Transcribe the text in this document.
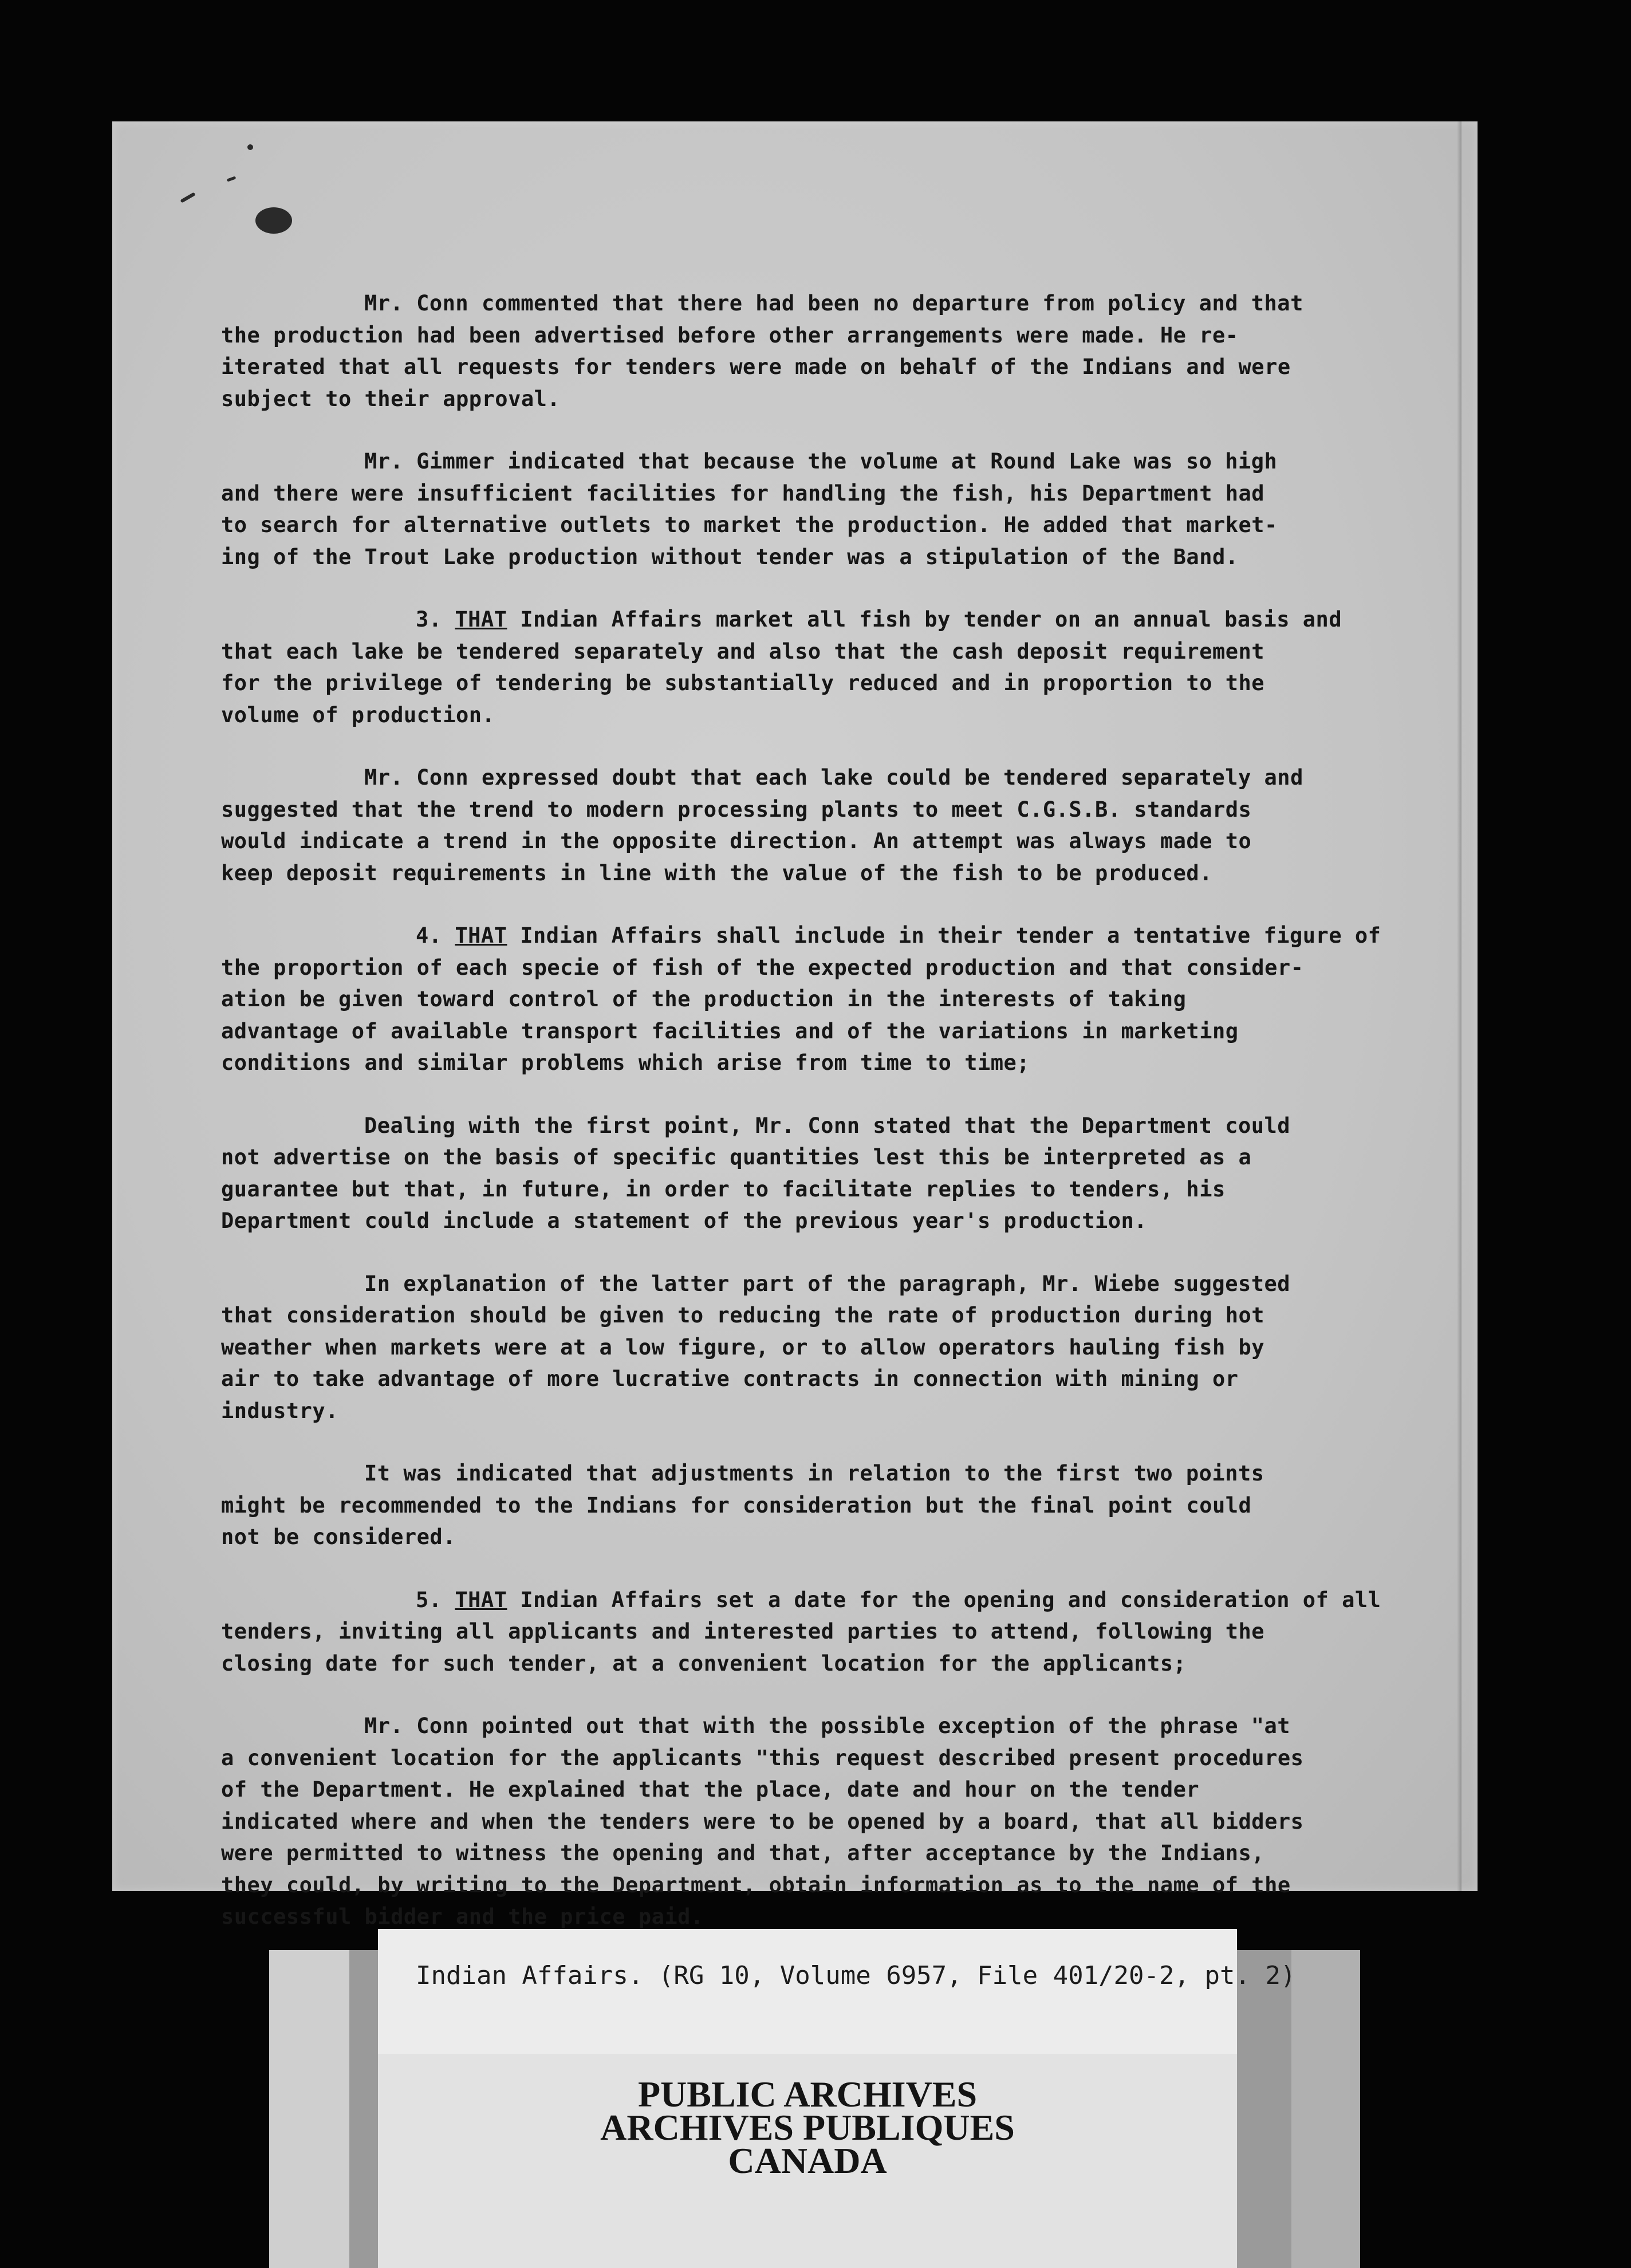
Mr. Conn commented that there had been no departure from policy and that
the production had been advertised before other arrangements were made. He re-
iterated that all requests for tenders were made on behalf of the Indians and were
subject to their approval.
Mr. Gimmer indicated that because the volume at Round Lake was so high
and there were insufficient facilities for handling the fish, his Department had
to search for alternative outlets to market the production. He added that market-
ing of the Trout Lake production without tender was a stipulation of the Band.
3. THAT Indian Affairs market all fish by tender on an annual basis and
that each lake be tendered separately and also that the cash deposit requirement
for the privilege of tendering be substantially reduced and in proportion to the
volume of production.
Mr. Conn expressed doubt that each lake could be tendered separately and
suggested that the trend to modern processing plants to meet C.G.S.B. standards
would indicate a trend in the opposite direction. An attempt was always made to
keep deposit requirements in line with the value of the fish to be produced.
4. THAT Indian Affairs shall include in their tender a tentative figure of
the proportion of each specie of fish of the expected production and that consider-
ation be given toward control of the production in the interests of taking
advantage of available transport facilities and of the variations in marketing
conditions and similar problems which arise from time to time;
Dealing with the first point, Mr. Conn stated that the Department could
not advertise on the basis of specific quantities lest this be interpreted as a
guarantee but that, in future, in order to facilitate replies to tenders, his
Department could include a statement of the previous year's production.
In explanation of the latter part of the paragraph, Mr. Wiebe suggested
that consideration should be given to reducing the rate of production during hot
weather when markets were at a low figure, or to allow operators hauling fish by
air to take advantage of more lucrative contracts in connection with mining or
industry.
It was indicated that adjustments in relation to the first two points
might be recommended to the Indians for consideration but the final point could
not be considered.
5. THAT Indian Affairs set a date for the opening and consideration of all
tenders, inviting all applicants and interested parties to attend, following the
closing date for such tender, at a convenient location for the applicants;
Mr. Conn pointed out that with the possible exception of the phrase "at
a convenient location for the applicants "this request described present procedures
of the Department. He explained that the place, date and hour on the tender
indicated where and when the tenders were to be opened by a board, that all bidders
were permitted to witness the opening and that, after acceptance by the Indians,
they could, by writing to the Department, obtain information as to the name of the
successful bidder and the price paid.
Indian Affairs. (RG 10, Volume 6957, File 401/20-2, pt. 2)
PUBLIC ARCHIVES
ARCHIVES PUBLIQUES
CANADA
